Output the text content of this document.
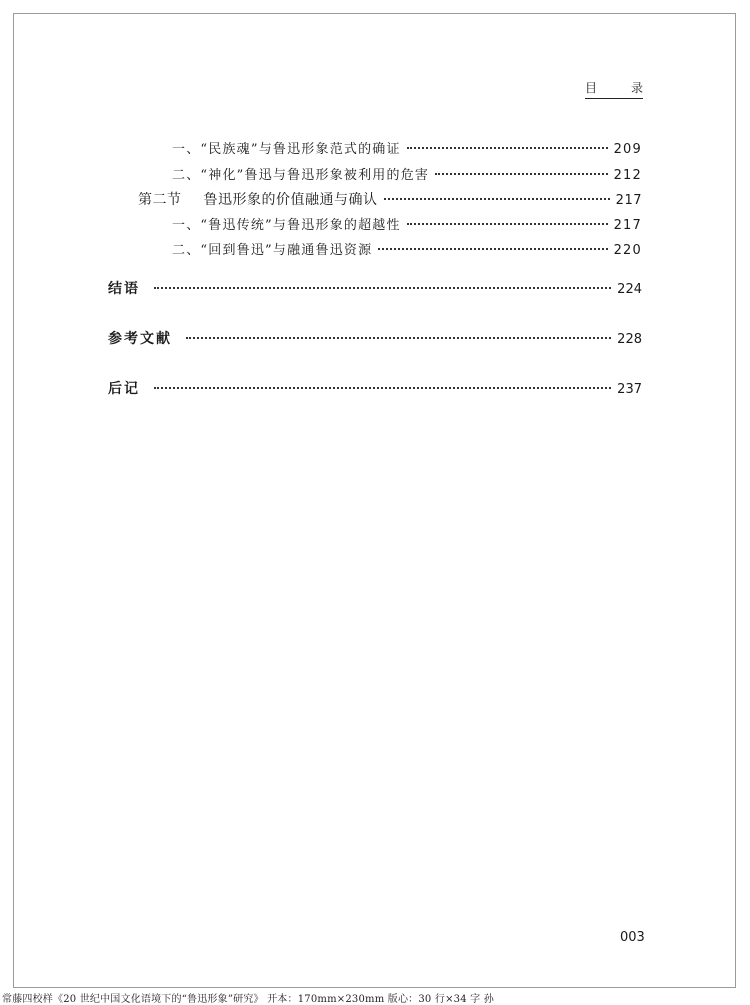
目	录
一、“民族魂”与鲁迅形象范式的确证	209
二、“神化”鲁迅与鲁迅形象被利用的危害	212
第二节 鲁迅形象的价值融通与确认	217
一、“鲁迅传统”与鲁迅形象的超越性	217
二、“回到鲁迅”与融通鲁迅资源	220
结语	224
参考文献	228
后记	237
003
常藤四校样《20 世纪中国文化语境下的“鲁迅形象”研究》 开本：170mm×230mm 版心：30 行×34 字 孙
